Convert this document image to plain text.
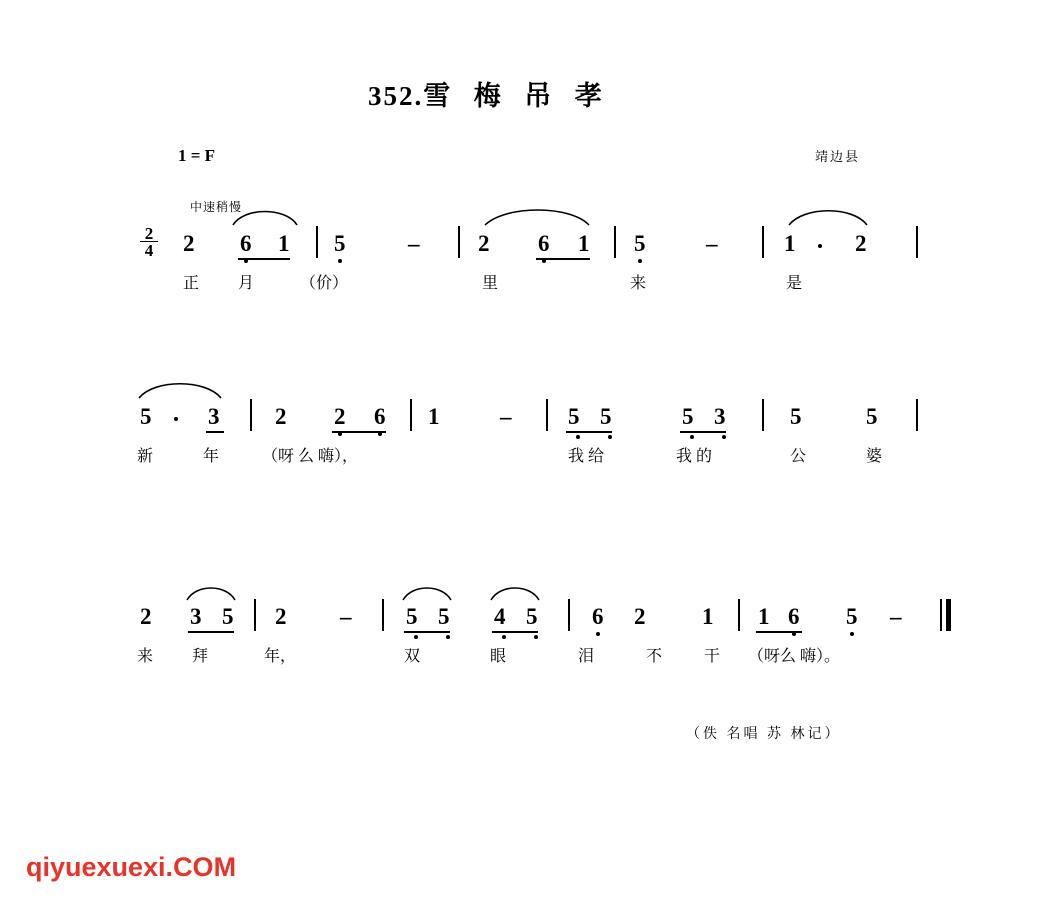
352.雪 梅 吊 孝
1 = F	靖边县
中速稍慢
$\frac{2}{4} 2$ 6 1 5	–	2 6 1 5	–	1	2
正 月	（价）	里	来	是
5 3 2 2 6 1	– 5 5	5 3	5	5
新	年	（呀 么 嗨），	我 给	我 的	公	婆
2 3 5 2 – 5 5 4 5 6 2 1 1 6 5 –
来 拜	年，	双	眼	泪	不	干 （呀么 嗨）。
（佚 名唱 苏 林记）
qiyuexuexi.COM
